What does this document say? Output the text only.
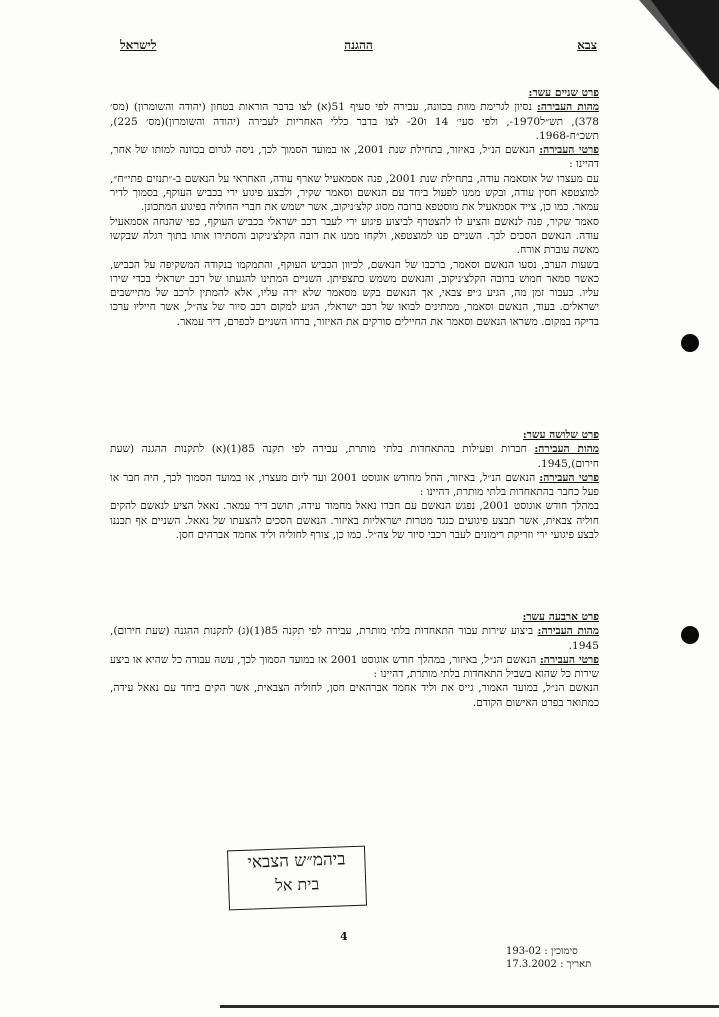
צבא
ההגנה
לישראל

פרט שניים עשר:

מהות העבירה: נסיון לגרימת מוות בכוונה, עבירה לפי סעיף 51(א) לצו בדבר הוראות בטחון (יהודה והשומרון) (מס׳ 378), תש״ל1970-, ולפי סעי׳ 14 ו20- לצו בדבר כללי האחריות לעבירה (יהודה והשומרון)(מס׳ 225), תשכ״ח-1968.

פרטי העבירה: הנאשם הנ״ל, באיזור, בתחילת שנת 2001, או במועד הסמוך לכך, ניסה לגרום בכוונה למותו של אחר, דהיינו :

עם מעצרו של אוסאמה עודה, בתחילת שנת 2001, פנה אסמאעיל שארף עודה, האחראי על הנאשם ב-״תנזים פתי״ח״, למוצטפא חסין עודה, ובקש ממנו לפעול ביחד עם הנאשם וסאמר שקיר, ולבצע פיגוע ירי בכביש העוקף, בסמוך לדיר עמאר. כמו כן, צייד אסמאעיל את מוסטפא ברובה מסוג קלצ׳ניקוב, אשר ישמש את חברי החוליה בפיגוע המתכונן.

סאמר שקיר, פנה לנאשם והציע לו להצטרף לביצוע פיגוע ירי לעבר רכב ישראלי בכביש העוקף, כפי שהנחה אסמאעיל עודה. הנאשם הסכים לכך. השניים פנו למוצטפא, ולקחו ממנו את רובה הקלצ׳ניקוב והסתירו אותו בתוך רגלה שבקשו מאשה עוברת אורח.

בשעות הערב, נסעו הנאשם וסאמר, ברכבו של הנאשם, לכיוון הכביש העוקף, והתמקמו בנקודה המשקיפה על הכביש, כאשר סמאר חמוש ברובה הקלצ׳ניקוב, והנאשם משמש כתצפיתן. השניים המתינו להגעתו של רכב ישראלי בכדי שירו עליו. כעבור זמן מה, הגיע ג׳יפ צבאי, אך הנאשם בקש מסאמר שלא ירה עליו, אלא להמתין לרכב של מתיישבים ישראלים. בעוד, הנאשם וסאמר, ממתינים לבואו של רכב ישראלי, הגיע למקום רכב סיור של צה״ל, אשר חייליו ערכו בדיקה במקום. משראו הנאשם וסאמר את החיילים סורקים את האיזור, ברחו השניים לכפרם, דיר עמאר.

פרט שלושה עשר:

מהות העבירה: חברות ופעילות בהתאחדות בלתי מותרת, עבירה לפי תקנה 85(1)(א) לתקנות ההגנה (שעת חירום),1945.

פרטי העבירה: הנאשם הנ״ל, באיזור, החל מחודש אוגוסט 2001 ועד ליום מעצרו, או במועד הסמוך לכך, היה חבר או פעל כחבר בהתאחדות בלתי מותרת, דהיינו :

במהלך חודש אוגוסט 2001, נפגש הנאשם עם חברו נאאל מחמוד עידה, תושב דיר עמאר. נאאל הציע לנאשם להקים חוליה צבאית, אשר תבצע פיגועים כנגד מטרות ישראליות באיזור. הנאשם הסכים להצעתו של נאאל. השניים אף תכננו לבצע פיגועי ירי וזריקת רימונים לעבר רכבי סיור של צה״ל. כמו כן, צורף לחוליה וליד אחמד אברהים חסן.

פרט ארבעה עשר:

מהות העבירה: ביצוע שירות עבור התאחדות בלתי מותרת, עבירה לפי תקנה 85(1)(ג) לתקנות ההגנה (שעת חירום), 1945.

פרטי העבירה: הנאשם הנ״ל, באיזור, במהלך חודש אוגוסט 2001 או במועד הסמוך לכך, עשה עבודה כל שהיא או ביצע שירות כל שהוא בשביל התאחדות בלתי מותרת, דהיינו :

הנאשם הנ״ל, במועד האמור, גייס את וליד אחמד אברהאים חסן, לחוליה הצבאית, אשר הקים ביחד עם נאאל עידה, כמתואר בפרט האישום הקודם.

ביהמ״ש הצבאי
בית אל
4
סימוכין : 193-02
תאריך : 17.3.2002
